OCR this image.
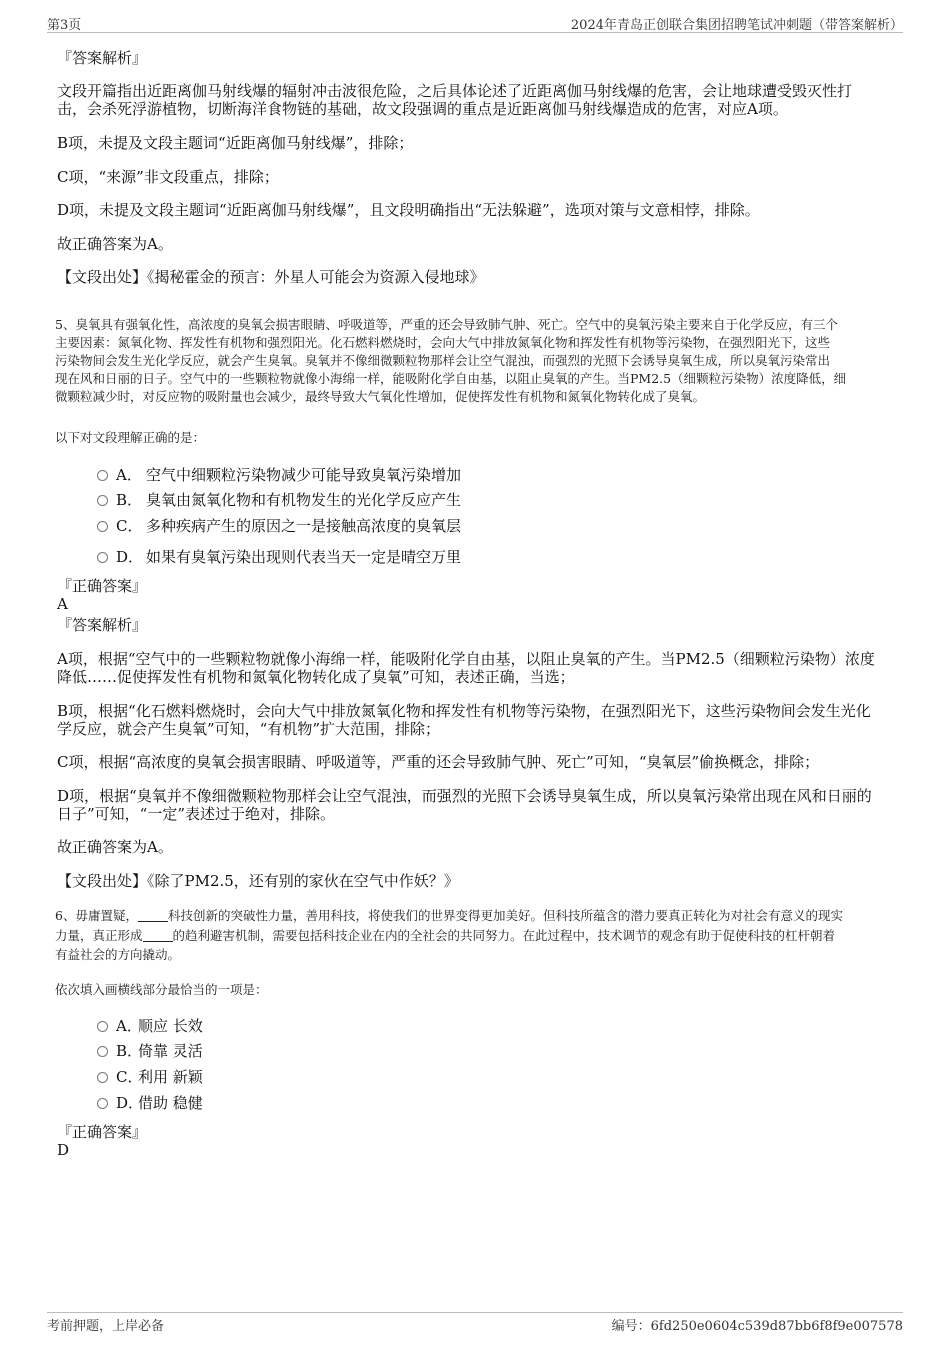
第3页	2024年青岛正创联合集团招聘笔试冲刺题（带答案解析）

『答案解析』

文段开篇指出近距离伽马射线爆的辐射冲击波很危险，之后具体论述了近距离伽马射线爆的危害，会让地球遭受毁灭性打

击，会杀死浮游植物，切断海洋食物链的基础，故文段强调的重点是近距离伽马射线爆造成的危害，对应A项。

B项，未提及文段主题词“近距离伽马射线爆”，排除；

C项，“来源”非文段重点，排除；

D项，未提及文段主题词“近距离伽马射线爆”，且文段明确指出“无法躲避”，选项对策与文意相悖，排除。

故正确答案为A。

【文段出处】《揭秘霍金的预言：外星人可能会为资源入侵地球》

5、臭氧具有强氧化性，高浓度的臭氧会损害眼睛、呼吸道等，严重的还会导致肺气肿、死亡。空气中的臭氧污染主要来自于化学反应，有三个

主要因素：氮氧化物、挥发性有机物和强烈阳光。化石燃料燃烧时，会向大气中排放氮氧化物和挥发性有机物等污染物，在强烈阳光下，这些

污染物间会发生光化学反应，就会产生臭氧。臭氧并不像细微颗粒物那样会让空气混浊，而强烈的光照下会诱导臭氧生成，所以臭氧污染常出

现在风和日丽的日子。空气中的一些颗粒物就像小海绵一样，能吸附化学自由基，以阻止臭氧的产生。当PM2.5（细颗粒污染物）浓度降低，细

微颗粒减少时，对反应物的吸附量也会减少，最终导致大气氧化性增加，促使挥发性有机物和氮氧化物转化成了臭氧。

以下对文段理解正确的是：

A． 空气中细颗粒污染物减少可能导致臭氧污染增加
B． 臭氧由氮氧化物和有机物发生的光化学反应产生
C． 多种疾病产生的原因之一是接触高浓度的臭氧层
D． 如果有臭氧污染出现则代表当天一定是晴空万里

『正确答案』

A

『答案解析』

A项，根据“空气中的一些颗粒物就像小海绵一样，能吸附化学自由基，以阻止臭氧的产生。当PM2.5（细颗粒污染物）浓度

降低……促使挥发性有机物和氮氧化物转化成了臭氧”可知，表述正确，当选；

B项，根据“化石燃料燃烧时，会向大气中排放氮氧化物和挥发性有机物等污染物，在强烈阳光下，这些污染物间会发生光化

学反应，就会产生臭氧”可知，“有机物”扩大范围，排除；

C项，根据“高浓度的臭氧会损害眼睛、呼吸道等，严重的还会导致肺气肿、死亡”可知，“臭氧层”偷换概念，排除；

D项，根据“臭氧并不像细微颗粒物那样会让空气混浊，而强烈的光照下会诱导臭氧生成，所以臭氧污染常出现在风和日丽的

日子”可知，“一定”表述过于绝对，排除。

故正确答案为A。

【文段出处】《除了PM2.5，还有别的家伙在空气中作妖？》

6、毋庸置疑， 科技创新的突破性力量，善用科技，将使我们的世界变得更加美好。但科技所蕴含的潜力要真正转化为对社会有意义的现实

力量，真正形成 的趋利避害机制，需要包括科技企业在内的全社会的共同努力。在此过程中，技术调节的观念有助于促使科技的杠杆朝着

有益社会的方向撬动。

依次填入画横线部分最恰当的一项是：

A．顺应 长效
B．倚靠 灵活
C．利用 新颖
D．借助 稳健

『正确答案』

D

考前押题，上岸必备	编号：6fd250e0604c539d87bb6f8f9e007578
